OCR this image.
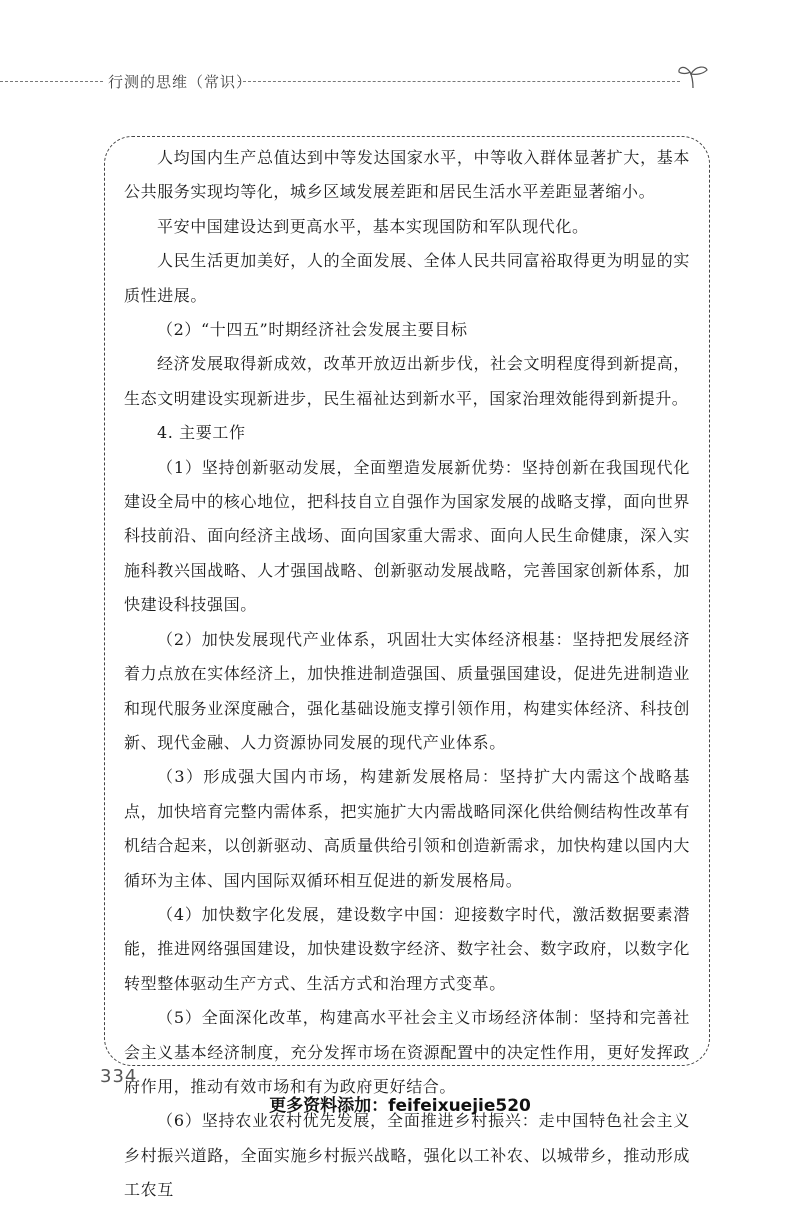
行测的思维（常识）

人均国内生产总值达到中等发达国家水平，中等收入群体显著扩大，基本公共服务实现均等化，城乡区域发展差距和居民生活水平差距显著缩小。

平安中国建设达到更高水平，基本实现国防和军队现代化。

人民生活更加美好，人的全面发展、全体人民共同富裕取得更为明显的实质性进展。

（2）“十四五”时期经济社会发展主要目标

经济发展取得新成效，改革开放迈出新步伐，社会文明程度得到新提高，生态文明建设实现新进步，民生福祉达到新水平，国家治理效能得到新提升。

4. 主要工作

（1）坚持创新驱动发展，全面塑造发展新优势：坚持创新在我国现代化建设全局中的核心地位，把科技自立自强作为国家发展的战略支撑，面向世界科技前沿、面向经济主战场、面向国家重大需求、面向人民生命健康，深入实施科教兴国战略、人才强国战略、创新驱动发展战略，完善国家创新体系，加快建设科技强国。

（2）加快发展现代产业体系，巩固壮大实体经济根基：坚持把发展经济着力点放在实体经济上，加快推进制造强国、质量强国建设，促进先进制造业和现代服务业深度融合，强化基础设施支撑引领作用，构建实体经济、科技创新、现代金融、人力资源协同发展的现代产业体系。

（3）形成强大国内市场，构建新发展格局：坚持扩大内需这个战略基点，加快培育完整内需体系，把实施扩大内需战略同深化供给侧结构性改革有机结合起来，以创新驱动、高质量供给引领和创造新需求，加快构建以国内大循环为主体、国内国际双循环相互促进的新发展格局。

（4）加快数字化发展，建设数字中国：迎接数字时代，激活数据要素潜能，推进网络强国建设，加快建设数字经济、数字社会、数字政府，以数字化转型整体驱动生产方式、生活方式和治理方式变革。

（5）全面深化改革，构建高水平社会主义市场经济体制：坚持和完善社会主义基本经济制度，充分发挥市场在资源配置中的决定性作用，更好发挥政府作用，推动有效市场和有为政府更好结合。

（6）坚持农业农村优先发展，全面推进乡村振兴：走中国特色社会主义乡村振兴道路，全面实施乡村振兴战略，强化以工补农、以城带乡，推动形成工农互

334
更多资料添加：feifeixuejie520
